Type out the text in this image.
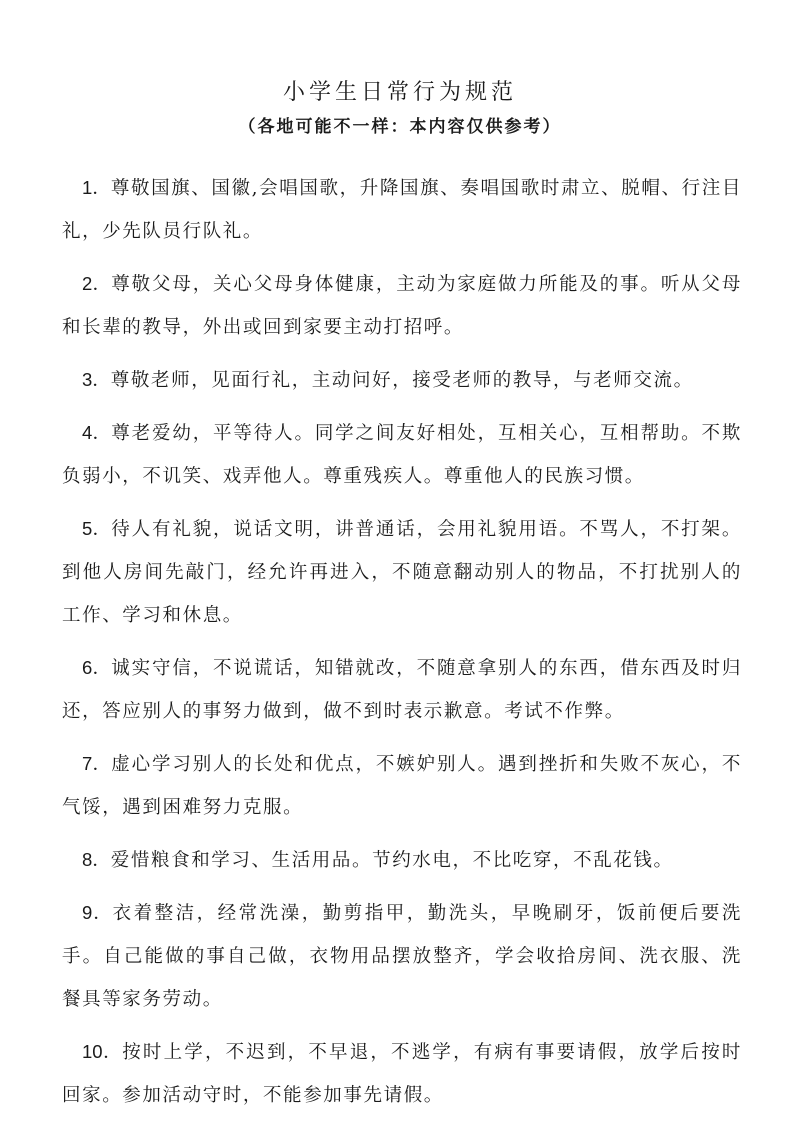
小学生日常行为规范
（各地可能不一样：本内容仅供参考）
1．尊敬国旗、国徽,会唱国歌，升降国旗、奏唱国歌时肃立、脱帽、行注目礼，少先队员行队礼。
2．尊敬父母，关心父母身体健康，主动为家庭做力所能及的事。听从父母和长辈的教导，外出或回到家要主动打招呼。
3．尊敬老师，见面行礼，主动问好，接受老师的教导，与老师交流。
4．尊老爱幼，平等待人。同学之间友好相处，互相关心，互相帮助。不欺负弱小，不讥笑、戏弄他人。尊重残疾人。尊重他人的民族习惯。
5．待人有礼貌，说话文明，讲普通话，会用礼貌用语。不骂人，不打架。到他人房间先敲门，经允许再进入，不随意翻动别人的物品，不打扰别人的工作、学习和休息。
6．诚实守信，不说谎话，知错就改，不随意拿别人的东西，借东西及时归还，答应别人的事努力做到，做不到时表示歉意。考试不作弊。
7．虚心学习别人的长处和优点，不嫉妒别人。遇到挫折和失败不灰心，不气馁，遇到困难努力克服。
8．爱惜粮食和学习、生活用品。节约水电，不比吃穿，不乱花钱。
9．衣着整洁，经常洗澡，勤剪指甲，勤洗头，早晚刷牙，饭前便后要洗手。自己能做的事自己做，衣物用品摆放整齐，学会收拾房间、洗衣服、洗餐具等家务劳动。
10．按时上学，不迟到，不早退，不逃学，有病有事要请假，放学后按时回家。参加活动守时，不能参加事先请假。
